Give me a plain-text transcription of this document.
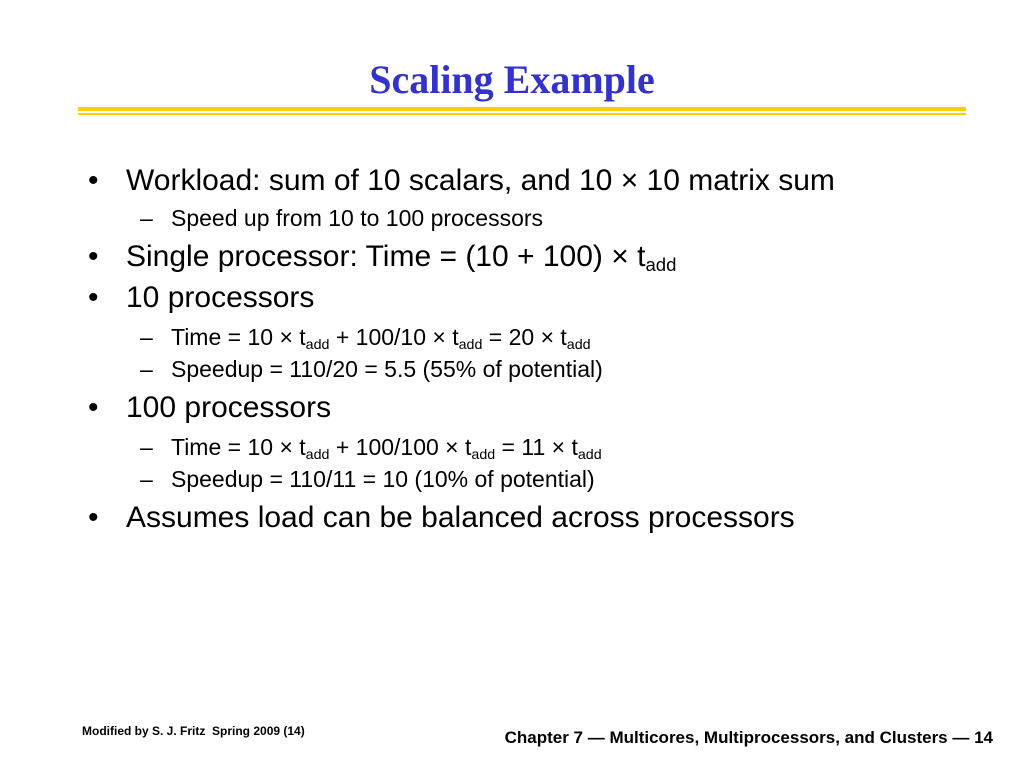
Scaling Example
• Workload: sum of 10 scalars, and 10 × 10 matrix sum
– Speed up from 10 to 100 processors
• Single processor: Time = $(10 + 100) \times t_{add}$
• 10 processors
– Time = $10 \times t_{add} + 100/10 \times t_{add} = 20 \times t_{add}$
– Speedup = 110/20 = 5.5 (55% of potential)
• 100 processors
– Time = $10 \times t_{add} + 100/100 \times t_{add} = 11 \times t_{add}$
– Speedup = 110/11 = 10 (10% of potential)
• Assumes load can be balanced across processors
Modified by S. J. Fritz  Spring 2009 (14)	Chapter 7 — Multicores, Multiprocessors, and Clusters — 14
